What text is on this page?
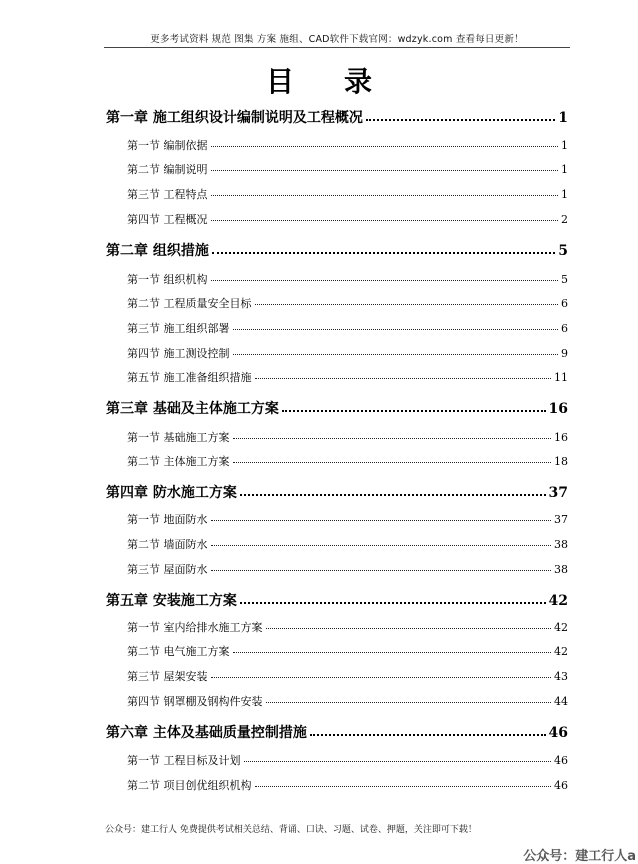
更多考试资料 规范 图集 方案 施组、CAD软件下载官网：wdzyk.com 查看每日更新！
目录
第一章 施工组织设计编制说明及工程概况	1
第一节 编制依据	1
第二节 编制说明	1
第三节 工程特点	1
第四节 工程概况	2
第二章 组织措施	5
第一节 组织机构	5
第二节 工程质量安全目标	6
第三节 施工组织部署	6
第四节 施工测设控制	9
第五节 施工准备组织措施	11
第三章 基础及主体施工方案	16
第一节 基础施工方案	16
第二节 主体施工方案	18
第四章 防水施工方案	37
第一节 地面防水	37
第二节 墙面防水	38
第三节 屋面防水	38
第五章 安装施工方案	42
第一节 室内给排水施工方案	42
第二节 电气施工方案	42
第三节 屋架安装	43
第四节 钢罩棚及钢构件安装	44
第六章 主体及基础质量控制措施	46
第一节 工程目标及计划	46
第二节 项目创优组织机构	46
公众号：建工行人 免费提供考试相关总结、背诵、口诀、习题、试卷、押题，关注即可下载！
公众号：建工行人a
